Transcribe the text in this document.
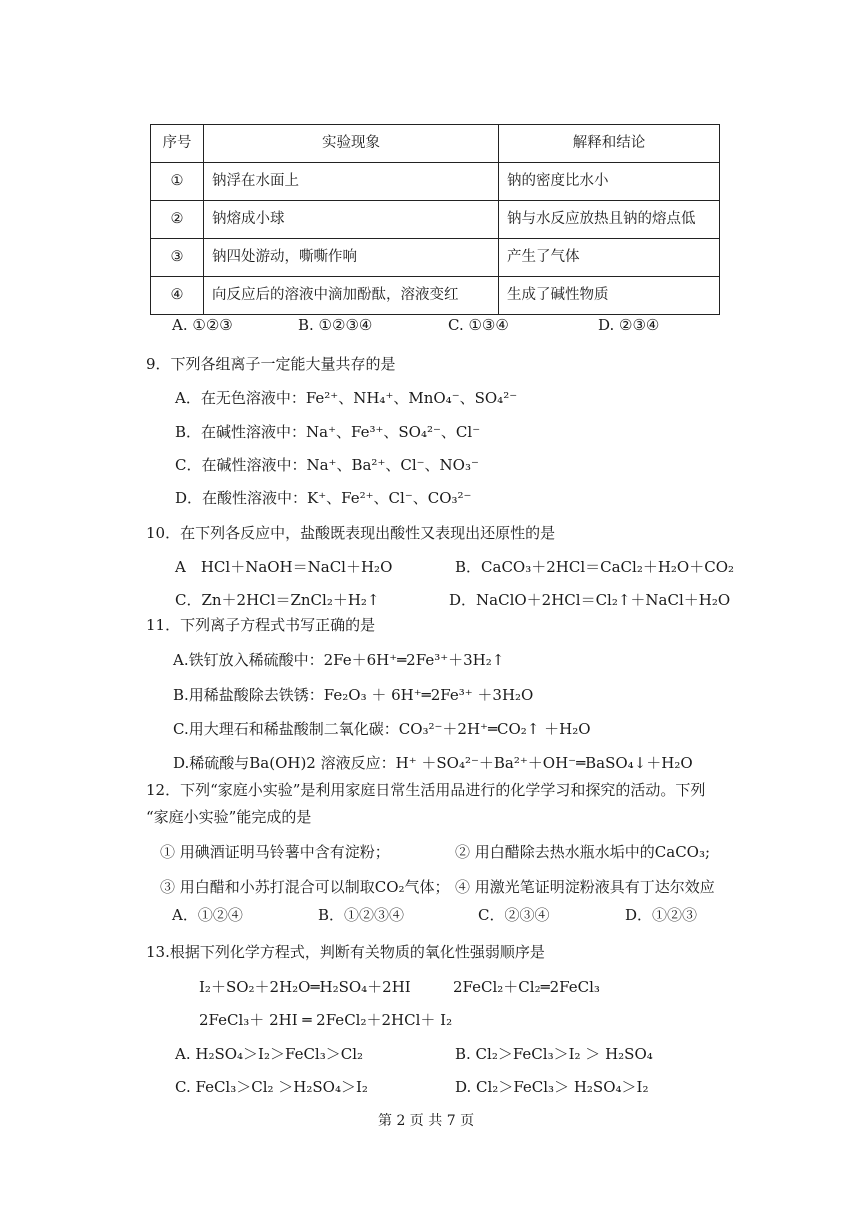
序号	实验现象	解释和结论
①	钠浮在水面上	钠的密度比水小
②	钠熔成小球	钠与水反应放热且钠的熔点低
③	钠四处游动，嘶嘶作响	产生了气体
④	向反应后的溶液中滴加酚酞，溶液变红	生成了碱性物质
A. ①②③	B. ①②③④	C. ①③④	D. ②③④
9．下列各组离子一定能大量共存的是
A．在无色溶液中：Fe²⁺、NH₄⁺、MnO₄⁻、SO₄²⁻
B．在碱性溶液中：Na⁺、Fe³⁺、SO₄²⁻、Cl⁻
C．在碱性溶液中：Na⁺、Ba²⁺、Cl⁻、NO₃⁻
D．在酸性溶液中：K⁺、Fe²⁺、Cl⁻、CO₃²⁻
10．在下列各反应中，盐酸既表现出酸性又表现出还原性的是
A　HCl＋NaOH＝NaCl＋H₂O	B．CaCO₃＋2HCl＝CaCl₂＋H₂O＋CO₂
C．Zn＋2HCl＝ZnCl₂＋H₂↑	D．NaClO＋2HCl＝Cl₂↑＋NaCl＋H₂O
11．下列离子方程式书写正确的是
A.铁钉放入稀硫酸中：2Fe＋6H⁺═2Fe³⁺＋3H₂↑
B.用稀盐酸除去铁锈：Fe₂O₃ ＋ 6H⁺═2Fe³⁺ ＋3H₂O
C.用大理石和稀盐酸制二氧化碳：CO₃²⁻＋2H⁺═CO₂↑ ＋H₂O
D.稀硫酸与Ba(OH)2 溶液反应：H⁺ ＋SO₄²⁻＋Ba²⁺＋OH⁻═BaSO₄↓＋H₂O
12．下列“家庭小实验”是利用家庭日常生活用品进行的化学学习和探究的活动。下列
“家庭小实验”能完成的是
① 用碘酒证明马铃薯中含有淀粉；	② 用白醋除去热水瓶水垢中的CaCO₃;
③ 用白醋和小苏打混合可以制取CO₂气体； ④ 用激光笔证明淀粉液具有丁达尔效应
A．①②④	B．①②③④	C．②③④	D．①②③
13.根据下列化学方程式，判断有关物质的氧化性强弱顺序是
I₂＋SO₂＋2H₂O═H₂SO₄＋2HI	2FeCl₂＋Cl₂═2FeCl₃
2FeCl₃＋ 2HI ═ 2FeCl₂＋2HCl＋ I₂
A. H₂SO₄＞I₂＞FeCl₃＞Cl₂	B. Cl₂＞FeCl₃＞I₂ ＞ H₂SO₄
C. FeCl₃＞Cl₂ ＞H₂SO₄＞I₂	D. Cl₂＞FeCl₃＞ H₂SO₄＞I₂
第 2 页 共 7 页
